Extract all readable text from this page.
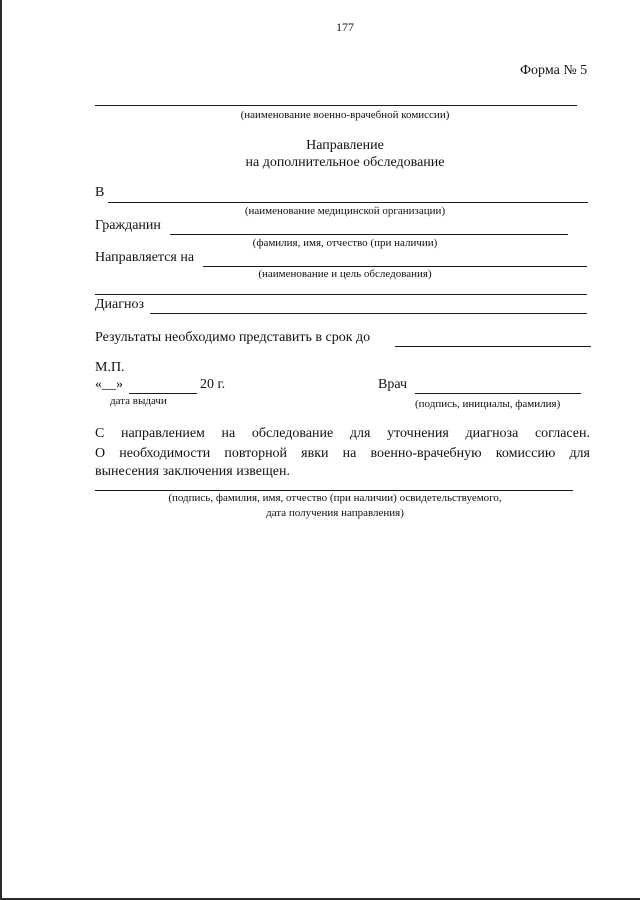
177
Форма № 5
(наименование военно-врачебной комиссии)
Направление
на дополнительное обследование
В
(наименование медицинской организации)
Гражданин
(фамилия, имя, отчество (при наличии)
Направляется на
(наименование и цель обследования)
Диагноз
Результаты необходимо представить в срок до
М.П.
«__»	20 г.	Врач
дата выдачи	(подпись, инициалы, фамилия)
С направлением на обследование для уточнения диагноза согласен.
О необходимости повторной явки на военно-врачебную комиссию для
вынесения заключения извещен.
(подпись, фамилия, имя, отчество (при наличии) освидетельствуемого,
дата получения направления)
